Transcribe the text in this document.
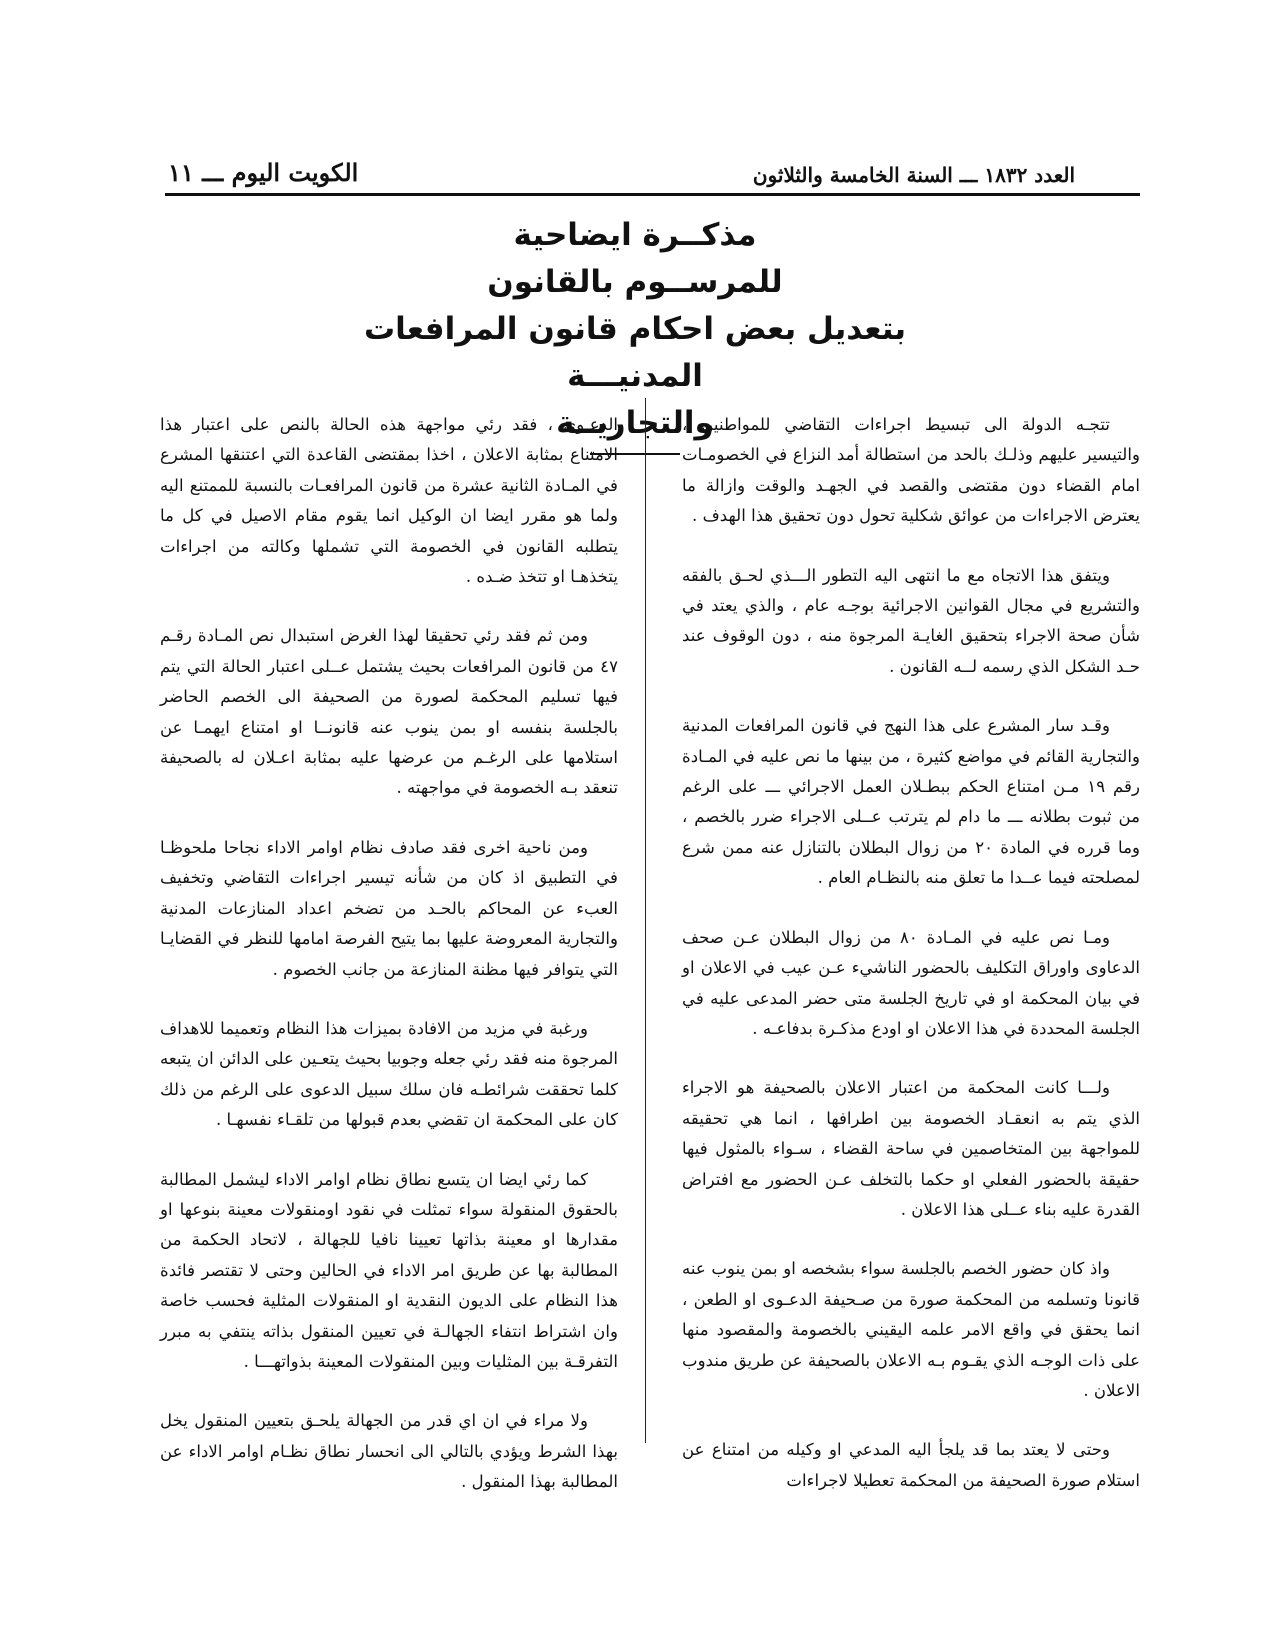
العدد ١٨٣٢ ـــ السنة الخامسة والثلاثون
الكويت اليوم ـــ ١١
مذكــرة ايضاحية
للمرســوم بالقانون
بتعديل بعض احكام قانون المرافعات المدنيـــة
والتجاريــة

تتجـه الدولة الى تبسيط اجراءات التقاضي للمواطنين ، والتيسير عليهم وذلـك بالحد من استطالة أمد النزاع في الخصومـات امام القضاء دون مقتضى والقصد في الجهـد والوقت وازالة ما يعترض الاجراءات من عوائق شكلية تحول دون تحقيق هذا الهدف .

ويتفق هذا الاتجاه مع ما انتهى اليه التطور الـــذي لحـق بالفقه والتشريع في مجال القوانين الاجرائية بوجـه عام ، والذي يعتد في شأن صحة الاجراء بتحقيق الغايـة المرجوة منه ، دون الوقوف عند حـد الشكل الذي رسمه لــه القانون .

وقـد سار المشرع على هذا النهج في قانون المرافعات المدنية والتجارية القائم في مواضع كثيرة ، من بينها ما نص عليه في المـادة رقم ١٩ مـن امتناع الحكم ببطـلان العمل الاجرائي ـــ على الرغم من ثبوت بطلانه ـــ ما دام لم يترتب عــلى الاجراء ضرر بالخصم ، وما قرره في المادة ٢٠ من زوال البطلان بالتنازل عنه ممن شرع لمصلحته فيما عــدا ما تعلق منه بالنظـام العام .

ومـا نص عليه في المـادة ٨٠ من زوال البطلان عـن صحف الدعاوى واوراق التكليف بالحضور الناشيء عـن عيب في الاعلان او في بيان المحكمة او في تاريخ الجلسة متى حضر المدعى عليه في الجلسة المحددة في هذا الاعلان او اودع مذكـرة بدفاعـه .

ولـــا كانت المحكمة من اعتبار الاعلان بالصحيفة هو الاجراء الذي يتم به انعقـاد الخصومة بين اطرافها ، انما هي تحقيقه للمواجهة بين المتخاصمين في ساحة القضاء ، سـواء بالمثول فيها حقيقة بالحضور الفعلي او حكما بالتخلف عـن الحضور مع افتراض القدرة عليه بناء عــلى هذا الاعلان .

واذ كان حضور الخصم بالجلسة سواء بشخصه او بمن ينوب عنه قانونا وتسلمه من المحكمة صورة من صـحيفة الدعـوى او الطعن ، انما يحقق في واقع الامر علمه اليقيني بالخصومة والمقصود منها على ذات الوجـه الذي يقـوم بـه الاعلان بالصحيفة عن طريق مندوب الاعلان .

وحتى لا يعتد بما قد يلجأ اليه المدعي او وكيله من امتناع عن استلام صورة الصحيفة من المحكمة تعطيلا لاجراءات

الدعـوى ، فقد رئي مواجهة هذه الحالة بالنص على اعتبار هذا الامتناع بمثابة الاعلان ، اخذا بمقتضى القاعدة التي اعتنقها المشرع في المـادة الثانية عشرة من قانون المرافعـات بالنسبة للممتنع اليه ولما هو مقرر ايضا ان الوكيل انما يقوم مقام الاصيل في كل ما يتطلبه القانون في الخصومة التي تشملها وكالته من اجراءات يتخذهـا او تتخذ ضـده .

ومن ثم فقد رئي تحقيقا لهذا الغرض استبدال نص المـادة رقـم ٤٧ من قانون المرافعات بحيث يشتمل عــلى اعتبار الحالة التي يتم فيها تسليم المحكمة لصورة من الصحيفة الى الخصم الحاضر بالجلسة بنفسه او بمن ينوب عنه قانونــا او امتناع ايهمـا عن استلامها على الرغـم من عرضها عليه بمثابة اعـلان له بالصحيفة تنعقد بـه الخصومة في مواجهته .

ومن ناحية اخرى فقد صادف نظام اوامر الاداء نجاحا ملحوظـا في التطبيق اذ كان من شأنه تيسير اجراءات التقاضي وتخفيف العبء عن المحاكم بالحـد من تضخم اعداد المنازعات المدنية والتجارية المعروضة عليها بما يتيح الفرصة امامها للنظر في القضايـا التي يتوافر فيها مظنة المنازعة من جانب الخصوم .

ورغبة في مزيد من الافادة بميزات هذا النظام وتعميما للاهداف المرجوة منه فقد رئي جعله وجوبيا بحيث يتعـين على الدائن ان يتبعه كلما تحققت شرائطـه فان سلك سبيل الدعوى على الرغم من ذلك كان على المحكمة ان تقضي بعدم قبولها من تلقـاء نفسهـا .

كما رئي ايضا ان يتسع نطاق نظام اوامر الاداء ليشمل المطالبة بالحقوق المنقولة سواء تمثلت في نقود اومنقولات معينة بنوعها او مقدارها او معينة بذاتها تعيينا نافيا للجهالة ، لاتحاد الحكمة من المطالبة بها عن طريق امر الاداء في الحالين وحتى لا تقتصر فائدة هذا النظام على الديون النقدية او المنقولات المثلية فحسب خاصة وان اشتراط انتفاء الجهالـة في تعيين المنقول بذاته ينتفي به مبرر التفرقـة بين المثليات وبين المنقولات المعينة بذواتهـــا .

ولا مراء في ان اي قدر من الجهالة يلحـق بتعيين المنقول يخل بهذا الشرط ويؤدي بالتالي الى انحسار نطاق نظـام اوامر الاداء عن المطالبة بهذا المنقول .
